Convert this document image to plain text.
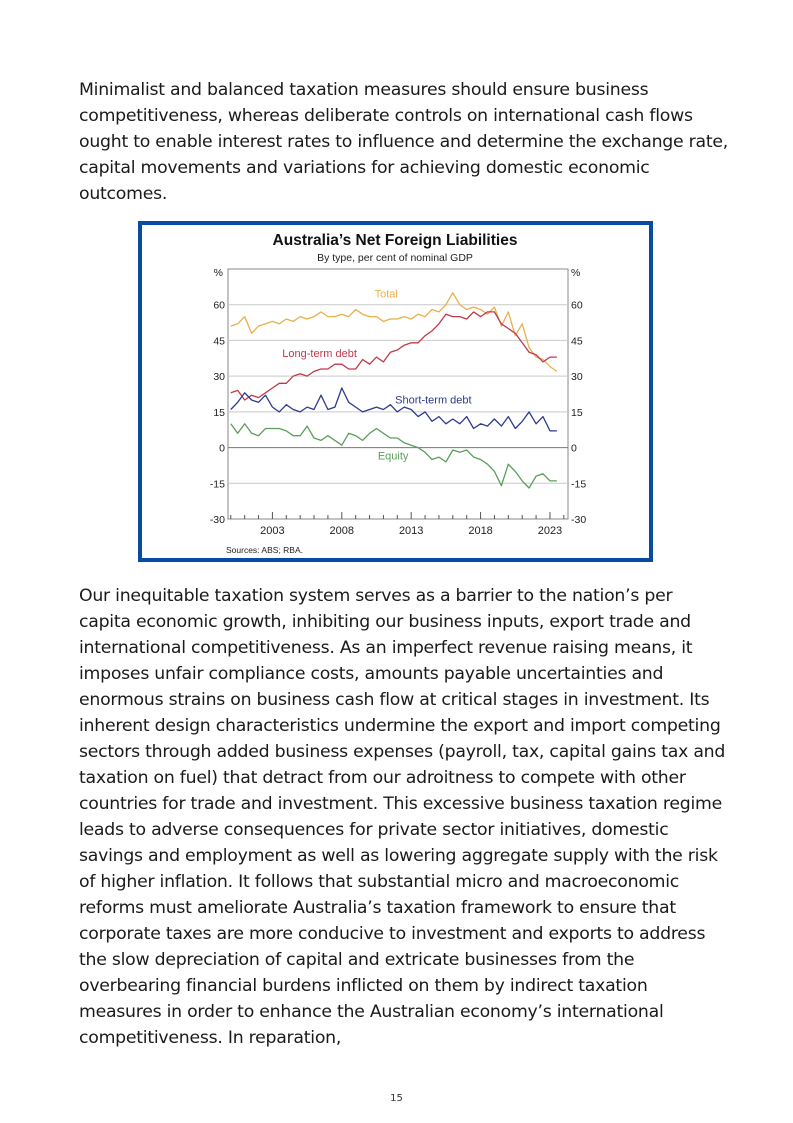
Minimalist and balanced taxation measures should ensure business competitiveness, whereas deliberate controls on international cash flows ought to enable interest rates to influence and determine the exchange rate, capital movements and variations for achieving domestic economic outcomes.

Australia’s Net Foreign Liabilities
By type, per cent of nominal GDP
%	%
-30	-30
-15	-15
0	0
15	15
30	30
45	45
60	60
2003	2008	2013	2018	2023
Total
Long-term debt
Short-term debt
Equity
Sources: ABS; RBA.

Our inequitable taxation system serves as a barrier to the nation’s per capita economic growth, inhibiting our business inputs, export trade and international competitiveness. As an imperfect revenue raising means, it imposes unfair compliance costs, amounts payable uncertainties and enormous strains on business cash flow at critical stages in investment. Its inherent design characteristics undermine the export and import competing sectors through added business expenses (payroll, tax, capital gains tax and taxation on fuel) that detract from our adroitness to compete with other countries for trade and investment. This excessive business taxation regime leads to adverse consequences for private sector initiatives, domestic savings and employment as well as lowering aggregate supply with the risk of higher inflation. It follows that substantial micro and macroeconomic reforms must ameliorate Australia’s taxation framework to ensure that corporate taxes are more conducive to investment and exports to address the slow depreciation of capital and extricate businesses from the overbearing financial burdens inflicted on them by indirect taxation measures in order to enhance the Australian economy’s international competitiveness. In reparation,

15
